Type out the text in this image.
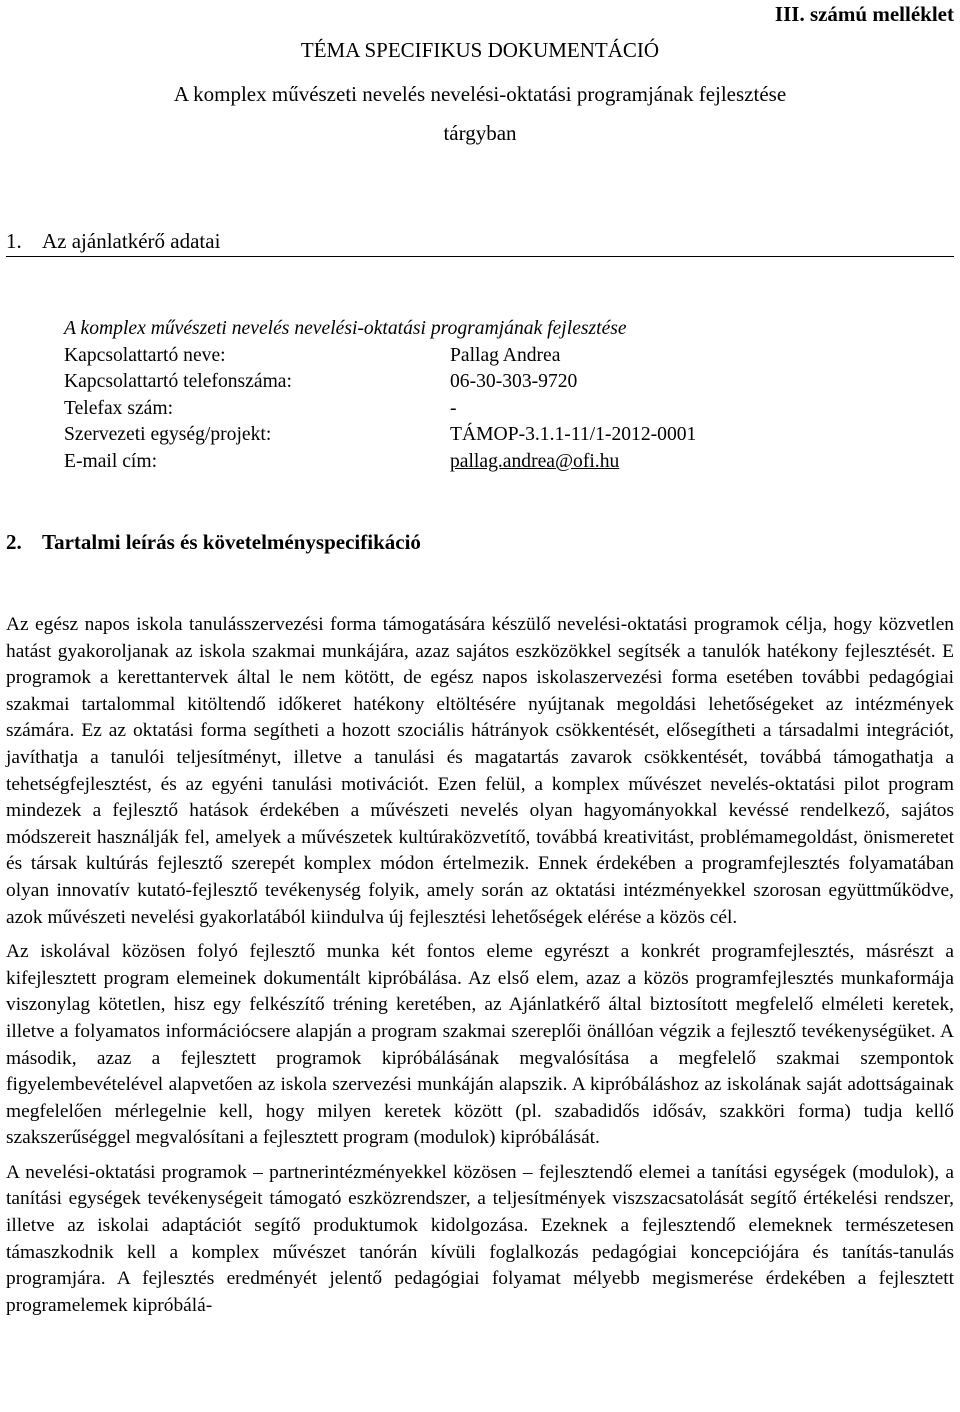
III. számú melléklet
TÉMA SPECIFIKUS DOKUMENTÁCIÓ
A komplex művészeti nevelés nevelési-oktatási programjának fejlesztése
tárgyban
1. Az ajánlatkérő adatai
A komplex művészeti nevelés nevelési-oktatási programjának fejlesztése
Kapcsolattartó neve:	Pallag Andrea
Kapcsolattartó telefonszáma:	06-30-303-9720
Telefax szám:	-
Szervezeti egység/projekt:	TÁMOP-3.1.1-11/1-2012-0001
E-mail cím:	pallag.andrea@ofi.hu
2. Tartalmi leírás és követelményspecifikáció

Az egész napos iskola tanulásszervezési forma támogatására készülő nevelési-oktatási programok célja, hogy közvetlen hatást gyakoroljanak az iskola szakmai munkájára, azaz sajátos eszközökkel segítsék a tanulók hatékony fejlesztését. E programok a kerettantervek által le nem kötött, de egész napos iskolaszervezési forma esetében további pedagógiai szakmai tartalommal kitöltendő időkeret hatékony eltöltésére nyújtanak megoldási lehetőségeket az intézmények számára. Ez az oktatási forma segítheti a hozott szociális hátrányok csökkentését, elősegítheti a társadalmi integrációt, javíthatja a tanulói teljesítményt, illetve a tanulási és magatartás zavarok csökkentését, továbbá támogathatja a tehetségfejlesztést, és az egyéni tanulási motivációt. Ezen felül, a komplex művészet nevelés-oktatási pilot program mindezek a fejlesztő hatások érdekében a művészeti nevelés olyan hagyományokkal kevéssé rendelkező, sajátos módszereit használják fel, amelyek a művészetek kultúraközvetítő, továbbá kreativitást, problémamegoldást, önismeretet és társak kultúrás fejlesztő szerepét komplex módon értelmezik. Ennek érdekében a programfejlesztés folyamatában olyan innovatív kutató-fejlesztő tevékenység folyik, amely során az oktatási intézményekkel szorosan együttműködve, azok művészeti nevelési gyakorlatából kiindulva új fejlesztési lehetőségek elérése a közös cél.

Az iskolával közösen folyó fejlesztő munka két fontos eleme egyrészt a konkrét programfejlesztés, másrészt a kifejlesztett program elemeinek dokumentált kipróbálása. Az első elem, azaz a közös programfejlesztés munkaformája viszonylag kötetlen, hisz egy felkészítő tréning keretében, az Ajánlatkérő által biztosított megfelelő elméleti keretek, illetve a folyamatos információcsere alapján a program szakmai szereplői önállóan végzik a fejlesztő tevékenységüket. A második, azaz a fejlesztett programok kipróbálásának megvalósítása a megfelelő szakmai szempontok figyelembevételével alapvetően az iskola szervezési munkáján alapszik. A kipróbáláshoz az iskolának saját adottságainak megfelelően mérlegelnie kell, hogy milyen keretek között (pl. szabadidős idősáv, szakköri forma) tudja kellő szakszerűséggel megvalósítani a fejlesztett program (modulok) kipróbálását.

A nevelési-oktatási programok – partnerintézményekkel közösen – fejlesztendő elemei a tanítási egységek (modulok), a tanítási egységek tevékenységeit támogató eszközrendszer, a teljesítmények viszszacsatolását segítő értékelési rendszer, illetve az iskolai adaptációt segítő produktumok kidolgozása. Ezeknek a fejlesztendő elemeknek természetesen támaszkodnik kell a komplex művészet tanórán kívüli foglalkozás pedagógiai koncepciójára és tanítás-tanulás programjára. A fejlesztés eredményét jelentő pedagógiai folyamat mélyebb megismerése érdekében a fejlesztett programelemek kipróbálá-
